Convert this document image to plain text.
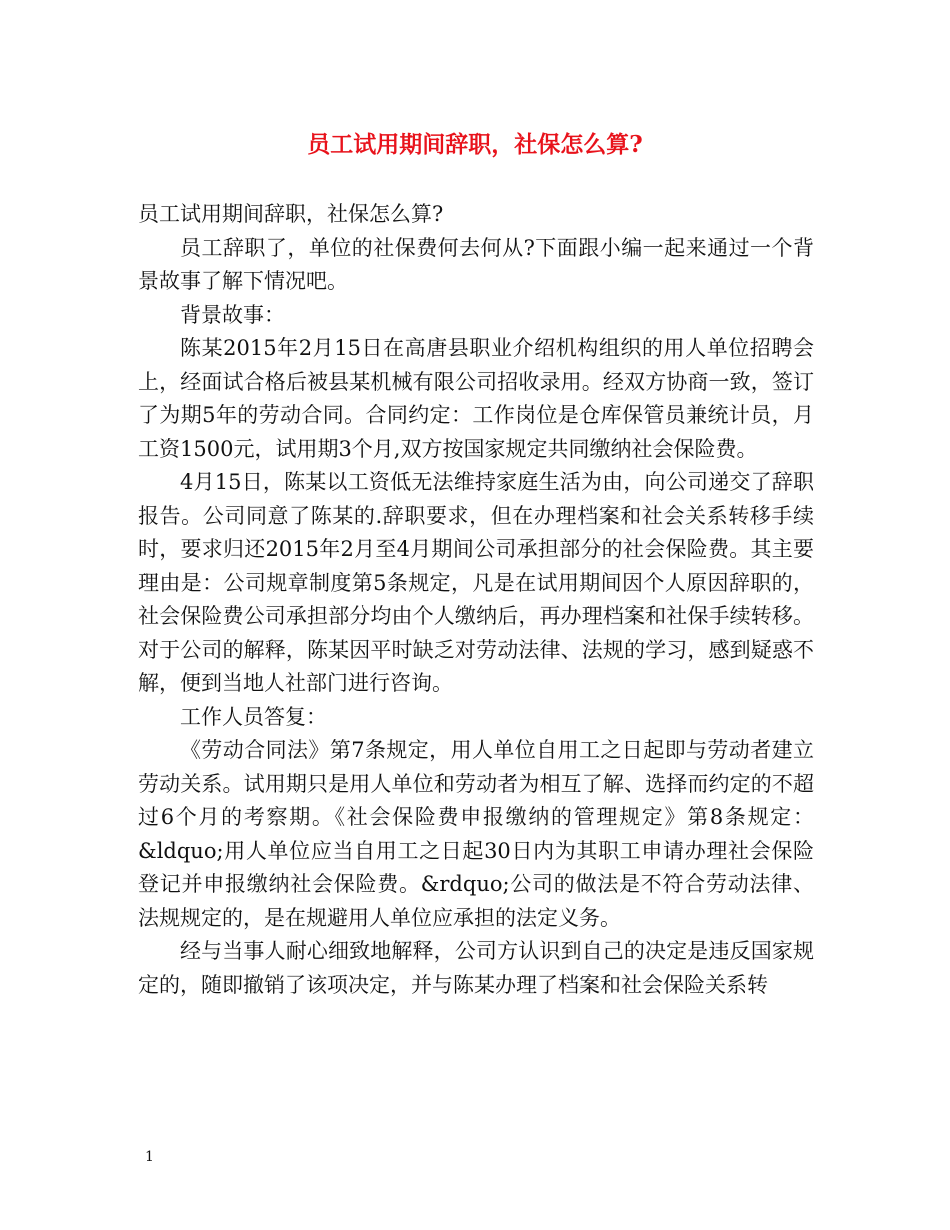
员工试用期间辞职，社保怎么算?

员工试用期间辞职，社保怎么算?

员工辞职了，单位的社保费何去何从?下面跟小编一起来通过一个背景故事了解下情况吧。

背景故事：

陈某2015年2月15日在高唐县职业介绍机构组织的用人单位招聘会上，经面试合格后被县某机械有限公司招收录用。经双方协商一致，签订了为期5年的劳动合同。合同约定：工作岗位是仓库保管员兼统计员，月工资1500元，试用期3个月,双方按国家规定共同缴纳社会保险费。

4月15日，陈某以工资低无法维持家庭生活为由，向公司递交了辞职报告。公司同意了陈某的.辞职要求，但在办理档案和社会关系转移手续时，要求归还2015年2月至4月期间公司承担部分的社会保险费。其主要理由是：公司规章制度第5条规定，凡是在试用期间因个人原因辞职的，社会保险费公司承担部分均由个人缴纳后，再办理档案和社保手续转移。对于公司的解释，陈某因平时缺乏对劳动法律、法规的学习，感到疑惑不解，便到当地人社部门进行咨询。

工作人员答复：

《劳动合同法》第7条规定，用人单位自用工之日起即与劳动者建立劳动关系。试用期只是用人单位和劳动者为相互了解、选择而约定的不超过6个月的考察期。《社会保险费申报缴纳的管理规定》第8条规定：&ldquo;用人单位应当自用工之日起30日内为其职工申请办理社会保险登记并申报缴纳社会保险费。&rdquo;公司的做法是不符合劳动法律、法规规定的，是在规避用人单位应承担的法定义务。

经与当事人耐心细致地解释，公司方认识到自己的决定是违反国家规定的，随即撤销了该项决定，并与陈某办理了档案和社会保险关系转

1
